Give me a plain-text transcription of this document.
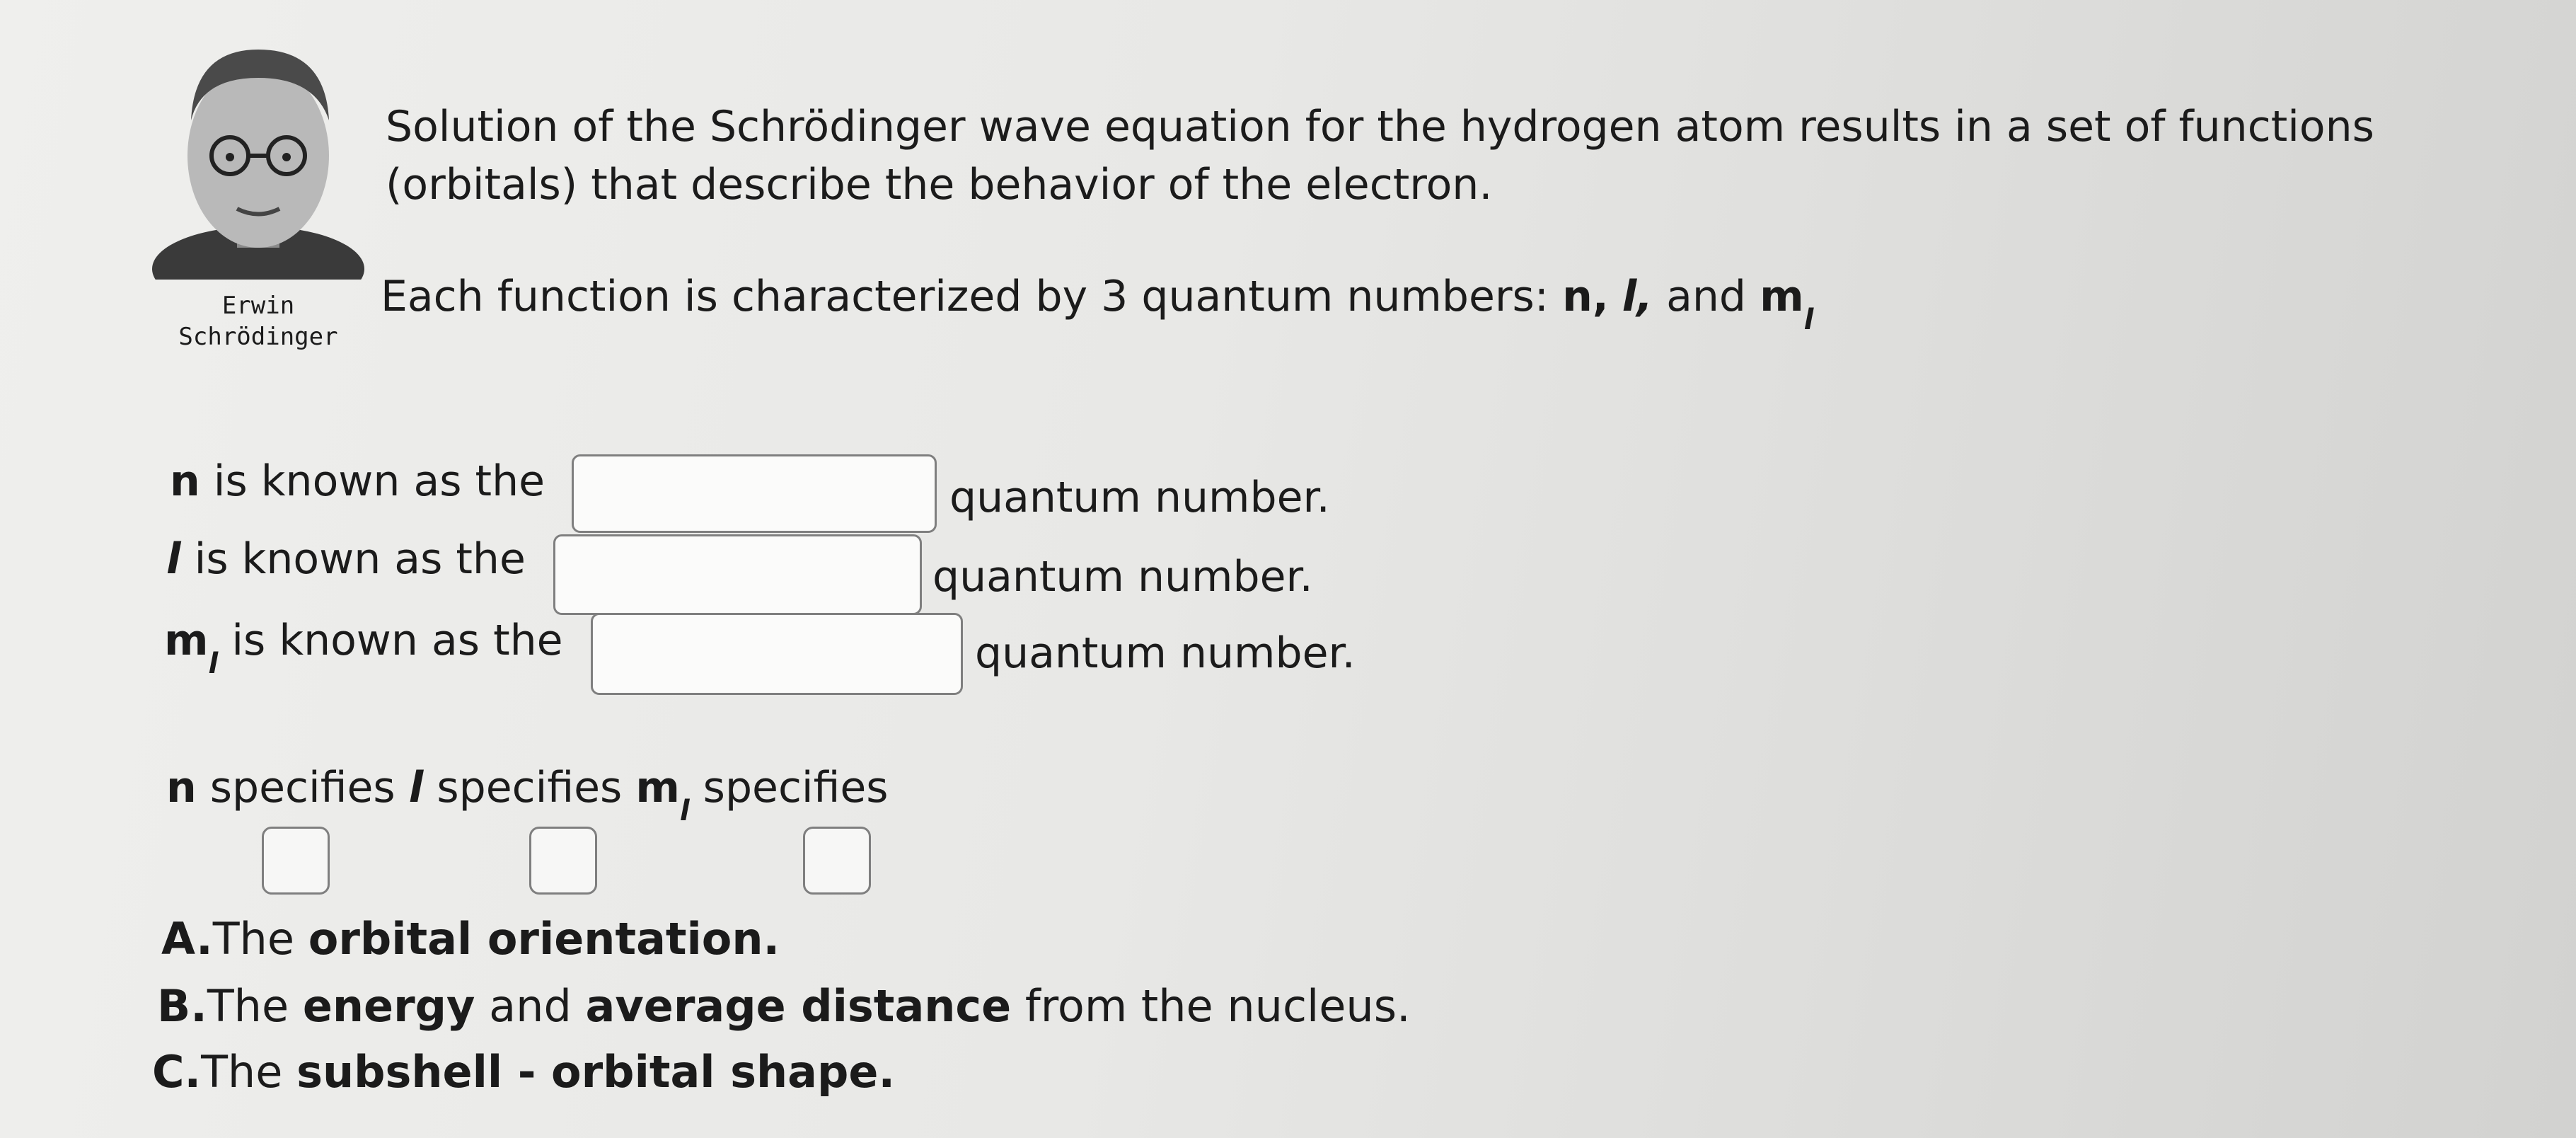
Erwin
Schrödinger
Solution of the Schrödinger wave equation for the hydrogen atom results in a set of functions
(orbitals) that describe the behavior of the electron.
Each function is characterized by 3 quantum numbers: n, l, and $m_l$
n is known as the	quantum number.
l is known as the	quantum number.
$m_l$ is known as the	quantum number.
n specifies l specifies $m_l$ specifies
A.The orbital orientation.
B.The energy and average distance from the nucleus.
C.The subshell - orbital shape.
